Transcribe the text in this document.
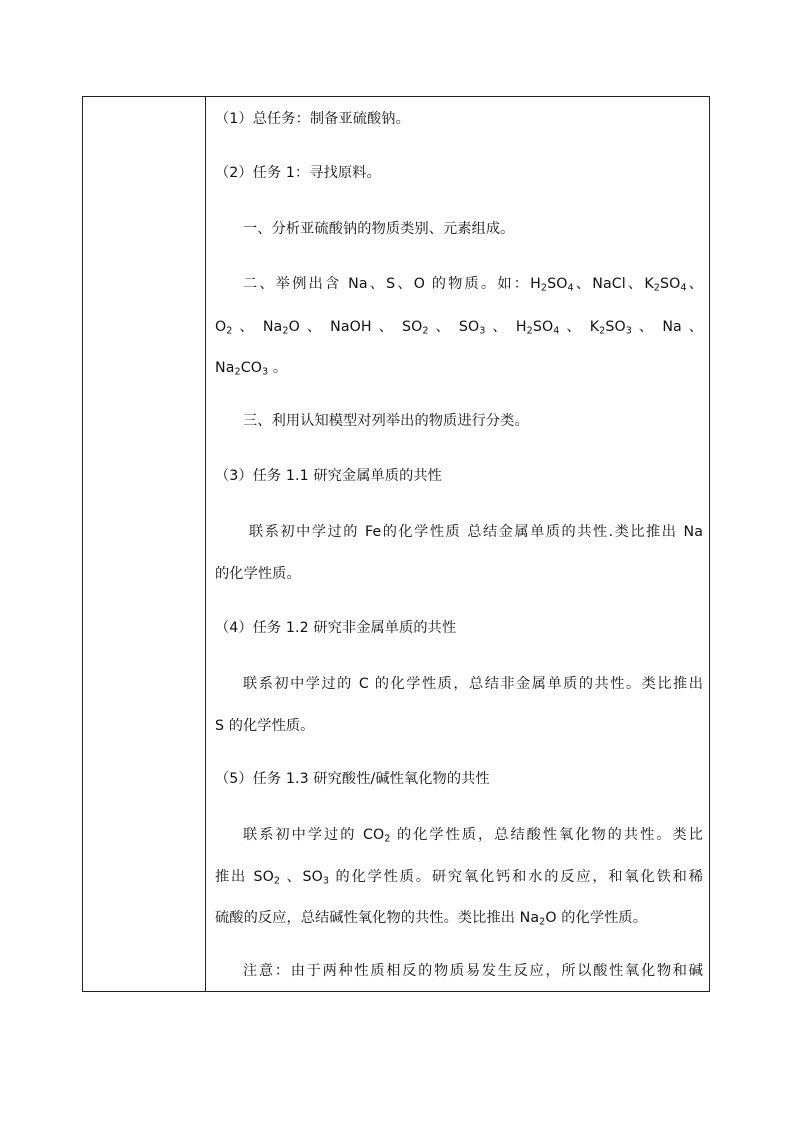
（1）总任务：制备亚硫酸钠。
（2）任务 1：寻找原料。
一、分析亚硫酸钠的物质类别、元素组成。
二、举例出含 Na、S、O 的物质。如：$H_2SO_4$、NaCl、$K_2SO_4$、
$O_2$ 、 $Na_2O$ 、 NaOH 、 $SO_2$ 、 $SO_3$ 、 $H_2SO_4$ 、 $K_2SO_3$ 、 Na 、
$Na_2CO_3$ 。
三、利用认知模型对列举出的物质进行分类。
（3）任务 1.1 研究金属单质的共性
联系初中学过的 Fe的化学性质 总结金属单质的共性.类比推出 Na
的化学性质。
（4）任务 1.2 研究非金属单质的共性
联系初中学过的 C 的化学性质，总结非金属单质的共性。类比推出
S 的化学性质。
（5）任务 1.3 研究酸性/碱性氧化物的共性
联系初中学过的 $CO_2$ 的化学性质，总结酸性氧化物的共性。类比
推出 $SO_2$ 、$SO_3$ 的化学性质。研究氧化钙和水的反应，和氧化铁和稀
硫酸的反应，总结碱性氧化物的共性。类比推出 $Na_2O$ 的化学性质。
注意：由于两种性质相反的物质易发生反应，所以酸性氧化物和碱
